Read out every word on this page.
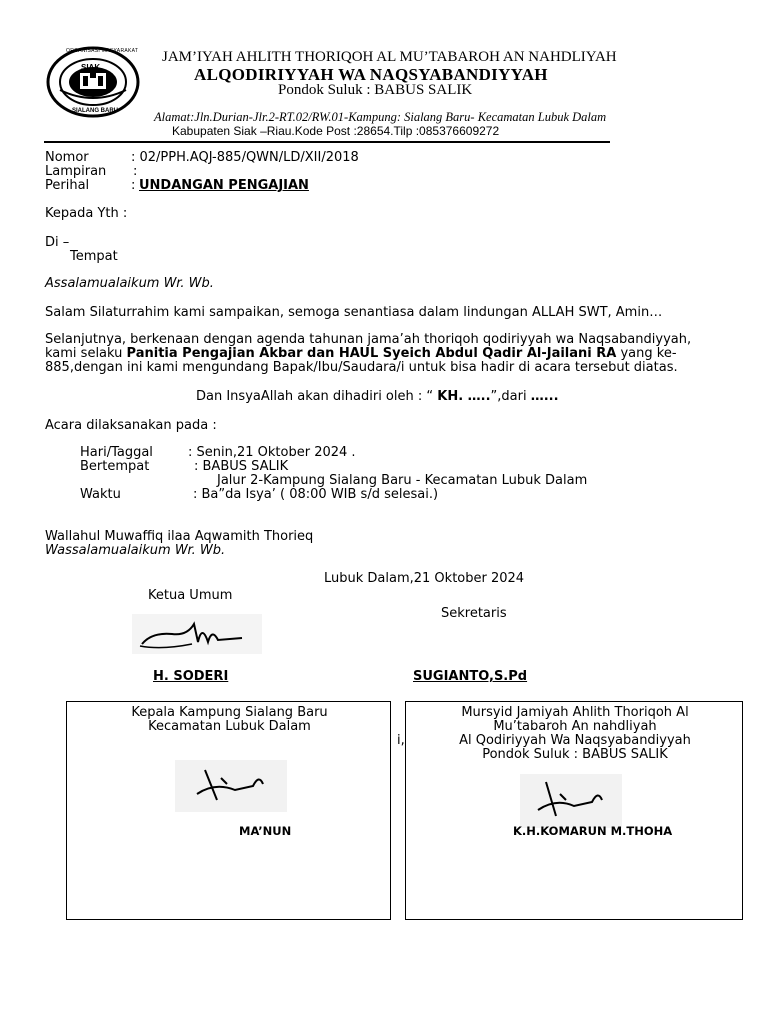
ORGANISASI MASYARAKAT
SIAK
SIALANG BARU
JAM’IYAH AHLITH THORIQOH AL MU’TABAROH AN NAHDLIYAH
ALQODIRIYYAH WA NAQSYABANDIYYAH
Pondok Suluk : BABUS SALIK
Alamat:Jln.Durian-Jlr.2-RT.02/RW.01-Kampung: Sialang Baru- Kecamatan Lubuk Dalam
Kabupaten Siak –Riau.Kode Post :28654.Tilp :085376609272
Nomor	: 02/PPH.AQJ-885/QWN/LD/XII/2018
Lampiran :
Perihal	: UNDANGAN PENGAJIAN
Kepada Yth :
Di –
Tempat
Assalamualaikum Wr. Wb.
Salam Silaturrahim kami sampaikan, semoga senantiasa dalam lindungan ALLAH SWT, Amin…
Selanjutnya, berkenaan dengan agenda tahunan jama’ah thoriqoh qodiriyyah wa Naqsabandiyyah,
kami selaku Panitia Pengajian Akbar dan HAUL Syeich Abdul Qadir Al-Jailani RA yang ke-
885,dengan ini kami mengundang Bapak/Ibu/Saudara/i untuk bisa hadir di acara tersebut diatas.
Dan InsyaAllah akan dihadiri oleh : “ KH. …..”,dari …...
Acara dilaksanakan pada :
Hari/Taggal	: Senin,21 Oktober 2024 .
Bertempat	: BABUS SALIK
Jalur 2-Kampung Sialang Baru - Kecamatan Lubuk Dalam
Waktu	: Ba”da Isya’ ( 08:00 WIB s/d selesai.)
Wallahul Muwaffiq ilaa Aqwamith Thorieq
Wassalamualaikum Wr. Wb.
Lubuk Dalam,21 Oktober 2024
Ketua Umum
Sekretaris
H. SODERI	SUGIANTO,S.Pd
Kepala Kampung Sialang Baru
Kecamatan Lubuk Dalam
MA’NUN
i,
Mursyid Jamiyah Ahlith Thoriqoh Al
Mu’tabaroh An nahdliyah
Al Qodiriyyah Wa Naqsyabandiyyah
Pondok Suluk : BABUS SALIK
K.H.KOMARUN M.THOHA
